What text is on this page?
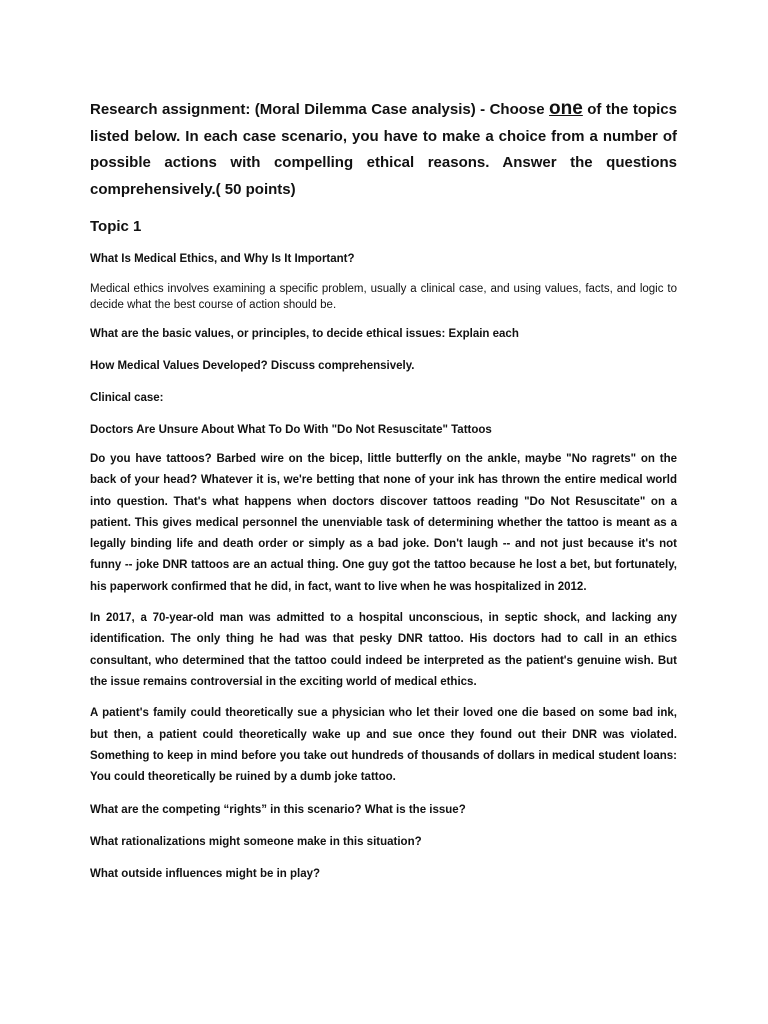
Research assignment: (Moral Dilemma Case analysis) - Choose one of the topics listed below. In each case scenario, you have to make a choice from a number of possible actions with compelling ethical reasons. Answer the questions comprehensively.( 50 points)

Topic 1

What Is Medical Ethics, and Why Is It Important?

Medical ethics involves examining a specific problem, usually a clinical case, and using values, facts, and logic to decide what the best course of action should be.

What are the basic values, or principles, to decide ethical issues: Explain each

How Medical Values Developed? Discuss comprehensively.

Clinical case:

Doctors Are Unsure About What To Do With "Do Not Resuscitate" Tattoos

Do you have tattoos? Barbed wire on the bicep, little butterfly on the ankle, maybe "No ragrets" on the back of your head? Whatever it is, we're betting that none of your ink has thrown the entire medical world into question. That's what happens when doctors discover tattoos reading "Do Not Resuscitate" on a patient. This gives medical personnel the unenviable task of determining whether the tattoo is meant as a legally binding life and death order or simply as a bad joke. Don't laugh -- and not just because it's not funny -- joke DNR tattoos are an actual thing. One guy got the tattoo because he lost a bet, but fortunately, his paperwork confirmed that he did, in fact, want to live when he was hospitalized in 2012.

In 2017, a 70-year-old man was admitted to a hospital unconscious, in septic shock, and lacking any identification. The only thing he had was that pesky DNR tattoo. His doctors had to call in an ethics consultant, who determined that the tattoo could indeed be interpreted as the patient's genuine wish. But the issue remains controversial in the exciting world of medical ethics.

A patient's family could theoretically sue a physician who let their loved one die based on some bad ink, but then, a patient could theoretically wake up and sue once they found out their DNR was violated. Something to keep in mind before you take out hundreds of thousands of dollars in medical student loans: You could theoretically be ruined by a dumb joke tattoo.

What are the competing “rights” in this scenario? What is the issue?

What rationalizations might someone make in this situation?

What outside influences might be in play?
